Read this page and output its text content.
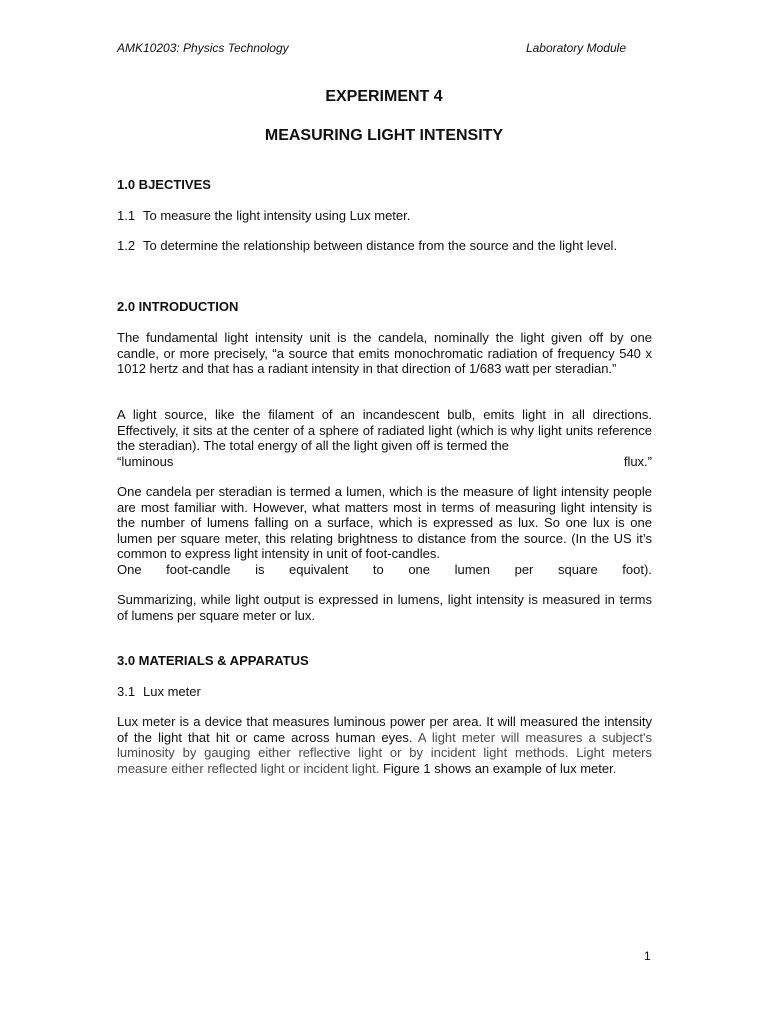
AMK10203: Physics Technology	Laboratory Module
EXPERIMENT 4
MEASURING LIGHT INTENSITY
1.0 BJECTIVES
1.1 To measure the light intensity using Lux meter.
1.2 To determine the relationship between distance from the source and the light level.
2.0 INTRODUCTION
The fundamental light intensity unit is the candela, nominally the light given off by one candle, or more precisely, “a source that emits monochromatic radiation of frequency 540 x 1012 hertz and that has a radiant intensity in that direction of 1/683 watt per steradian.”
A light source, like the filament of an incandescent bulb, emits light in all directions. Effectively, it sits at the center of a sphere of radiated light (which is why light units reference the steradian). The total energy of all the light given off is termed the
“luminous	flux.”
One candela per steradian is termed a lumen, which is the measure of light intensity people are most familiar with. However, what matters most in terms of measuring light intensity is the number of lumens falling on a surface, which is expressed as lux. So one lux is one lumen per square meter, this relating brightness to distance from the source. (In the US it’s common to express light intensity in unit of foot-candles.
One foot-candle is equivalent to one lumen per square foot).
Summarizing, while light output is expressed in lumens, light intensity is measured in terms of lumens per square meter or lux.
3.0 MATERIALS & APPARATUS
3.1 Lux meter
Lux meter is a device that measures luminous power per area. It will measured the intensity of the light that hit or came across human eyes. A light meter will measures a subject's luminosity by gauging either reflective light or by incident light methods. Light meters measure either reflected light or incident light. Figure 1 shows an example of lux meter.
1
